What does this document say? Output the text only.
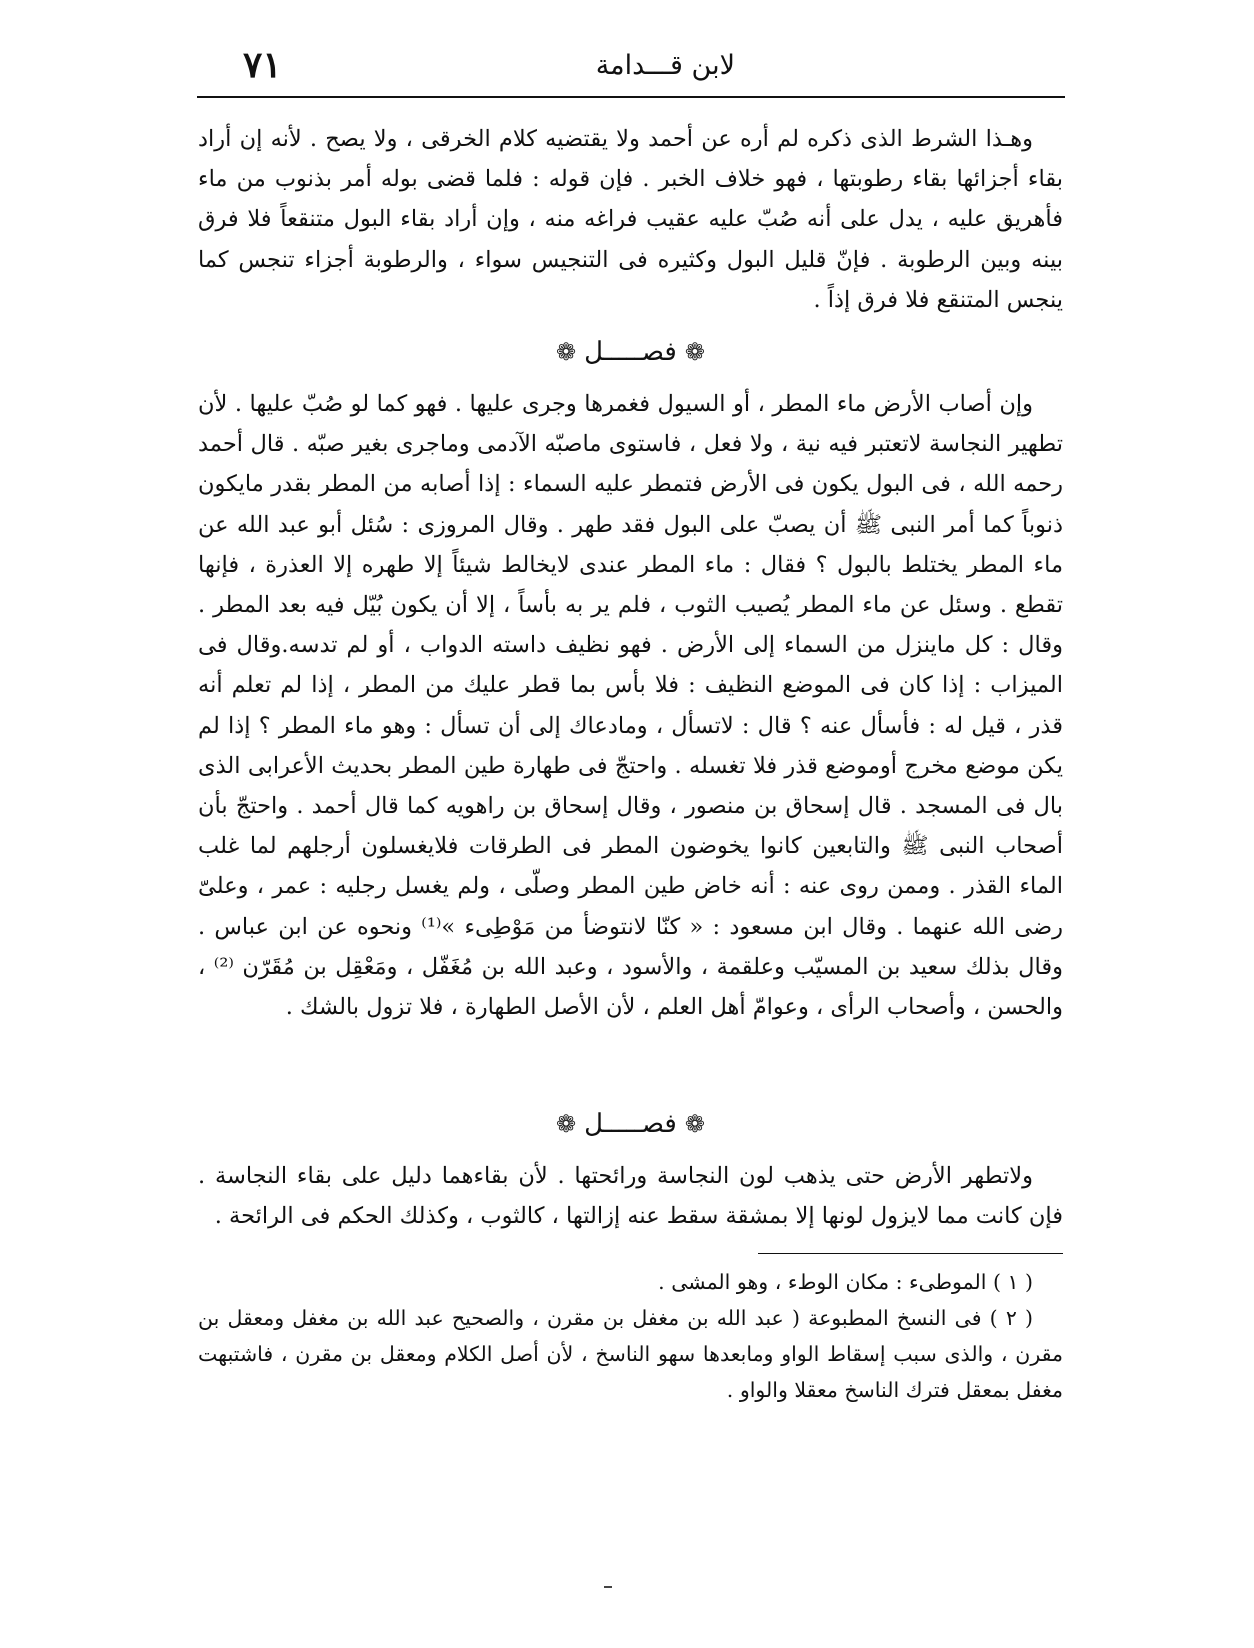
لابن قـــدامة
٧١

وهـذا الشرط الذى ذكره لم أره عن أحمد ولا يقتضيه كلام الخرقى ، ولا يصح . لأنه إن أراد بقاء أجزائها بقاء رطوبتها ، فهو خلاف الخبر . فإن قوله : فلما قضى بوله أمر بذنوب من ماء فأهريق عليه ، يدل على أنه صُبّ عليه عقيب فراغه منه ، وإن أراد بقاء البول متنقعاً فلا فرق بينه وبين الرطوبة . فإنّ قليل البول وكثيره فى التنجيس سواء ، والرطوبة أجزاء تنجس كما ينجس المتنقع فلا فرق إذاً .

❁فصـــــل❁

وإن أصاب الأرض ماء المطر ، أو السيول فغمرها وجرى عليها . فهو كما لو صُبّ عليها . لأن تطهير النجاسة لاتعتبر فيه نية ، ولا فعل ، فاستوى ماصبّه الآدمى وماجرى بغير صبّه . قال أحمد رحمه الله ، فى البول يكون فى الأرض فتمطر عليه السماء : إذا أصابه من المطر بقدر مايكون ذنوباً كما أمر النبى ﷺ أن يصبّ على البول فقد طهر . وقال المروزى : سُئل أبو عبد الله عن ماء المطر يختلط بالبول ؟ فقال : ماء المطر عندى لايخالط شيئاً إلا طهره إلا العذرة ، فإنها تقطع . وسئل عن ماء المطر يُصيب الثوب ، فلم ير به بأساً ، إلا أن يكون بُيّل فيه بعد المطر . وقال : كل ماينزل من السماء إلى الأرض . فهو نظيف داسته الدواب ، أو لم تدسه.وقال فى الميزاب : إذا كان فى الموضع النظيف : فلا بأس بما قطر عليك من المطر ، إذا لم تعلم أنه قذر ، قيل له : فأسأل عنه ؟ قال : لاتسأل ، ومادعاك إلى أن تسأل : وهو ماء المطر ؟ إذا لم يكن موضع مخرج أوموضع قذر فلا تغسله . واحتجّ فى طهارة طين المطر بحديث الأعرابى الذى بال فى المسجد . قال إسحاق بن منصور ، وقال إسحاق بن راهويه كما قال أحمد . واحتجّ بأن أصحاب النبى ﷺ والتابعين كانوا يخوضون المطر فى الطرقات فلايغسلون أرجلهم لما غلب الماء القذر . وممن روى عنه : أنه خاض طين المطر وصلّى ، ولم يغسل رجليه : عمر ، وعلىّ رضى الله عنهما . وقال ابن مسعود : « كنّا لانتوضأ من مَوْطِىء »⁽¹⁾ ونحوه عن ابن عباس . وقال بذلك سعيد بن المسيّب وعلقمة ، والأسود ، وعبد الله بن مُغَفّل ، ومَعْقِل بن مُقَرّن ⁽²⁾ ، والحسن ، وأصحاب الرأى ، وعوامّ أهل العلم ، لأن الأصل الطهارة ، فلا تزول بالشك .

❁فصـــــل❁

ولاتطهر الأرض حتى يذهب لون النجاسة ورائحتها . لأن بقاءهما دليل على بقاء النجاسة . فإن كانت مما لايزول لونها إلا بمشقة سقط عنه إزالتها ، كالثوب ، وكذلك الحكم فى الرائحة .

( ١ ) الموطىء : مكان الوطء ، وهو المشى .

( ٢ ) فى النسخ المطبوعة ( عبد الله بن مغفل بن مقرن ، والصحيح عبد الله بن مغفل ومعقل بن مقرن ، والذى سبب إسقاط الواو ومابعدها سهو الناسخ ، لأن أصل الكلام ومعقل بن مقرن ، فاشتبهت مغفل بمعقل فترك الناسخ معقلا والواو .
